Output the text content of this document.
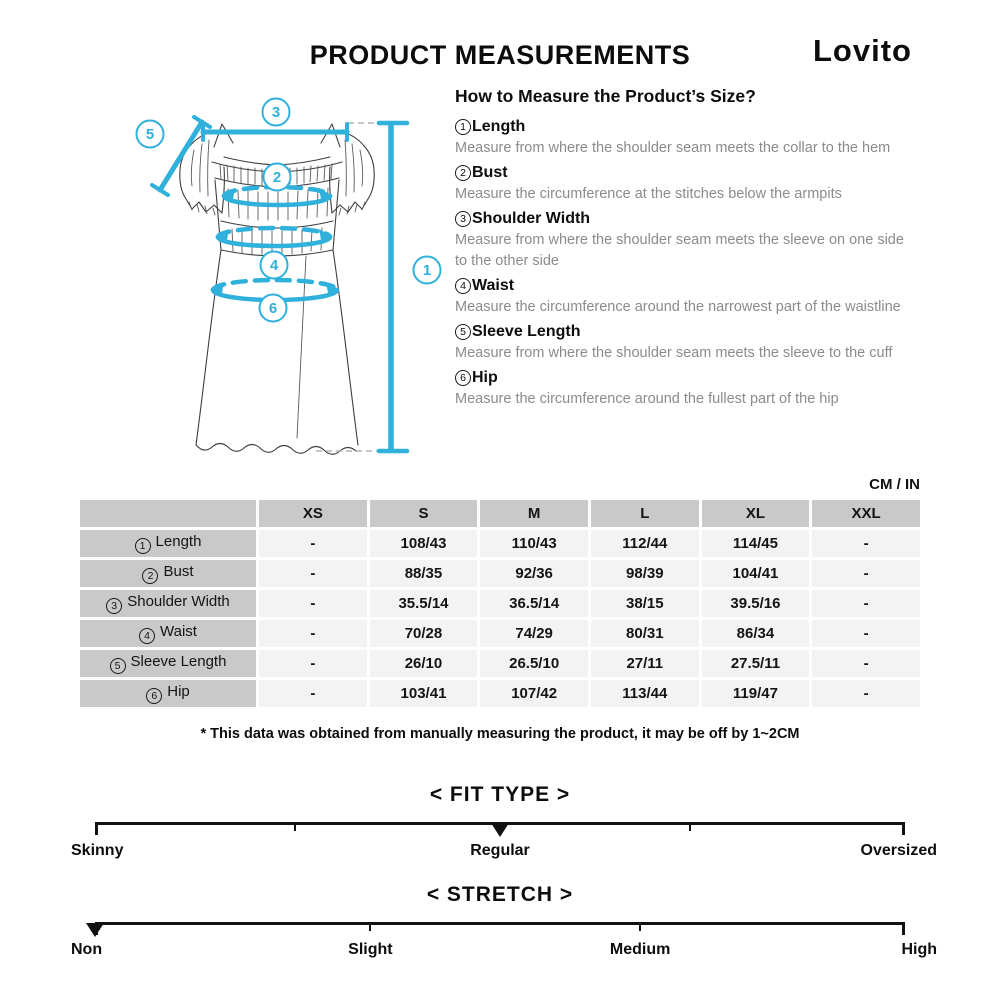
PRODUCT MEASUREMENTS	Lovito
3
5
2
4
6
1
How to Measure the Product’s Size?
1 Length
Measure from where the shoulder seam meets the collar to the hem
2 Bust
Measure the circumference at the stitches below the armpits
3 Shoulder Width
Measure from where the shoulder seam meets the sleeve on one side to the other side
4 Waist
Measure the circumference around the narrowest part of the waistline
5 Sleeve Length
Measure from where the shoulder seam meets the sleeve to the cuff
6 Hip
Measure the circumference around the fullest part of the hip
CM / IN
	XS	S	M	L	XL	XXL
1 Length	-	108/43	110/43	112/44	114/45	-
2 Bust	-	88/35	92/36	98/39	104/41	-
3 Shoulder Width	-	35.5/14	36.5/14	38/15	39.5/16	-
4 Waist	-	70/28	74/29	80/31	86/34	-
5 Sleeve Length	-	26/10	26.5/10	27/11	27.5/11	-
6 Hip	-	103/41	107/42	113/44	119/47	-
* This data was obtained from manually measuring the product, it may be off by 1~2CM
< FIT TYPE >
Skinny	Regular	Oversized
< STRETCH >
Non	Slight	Medium	High
